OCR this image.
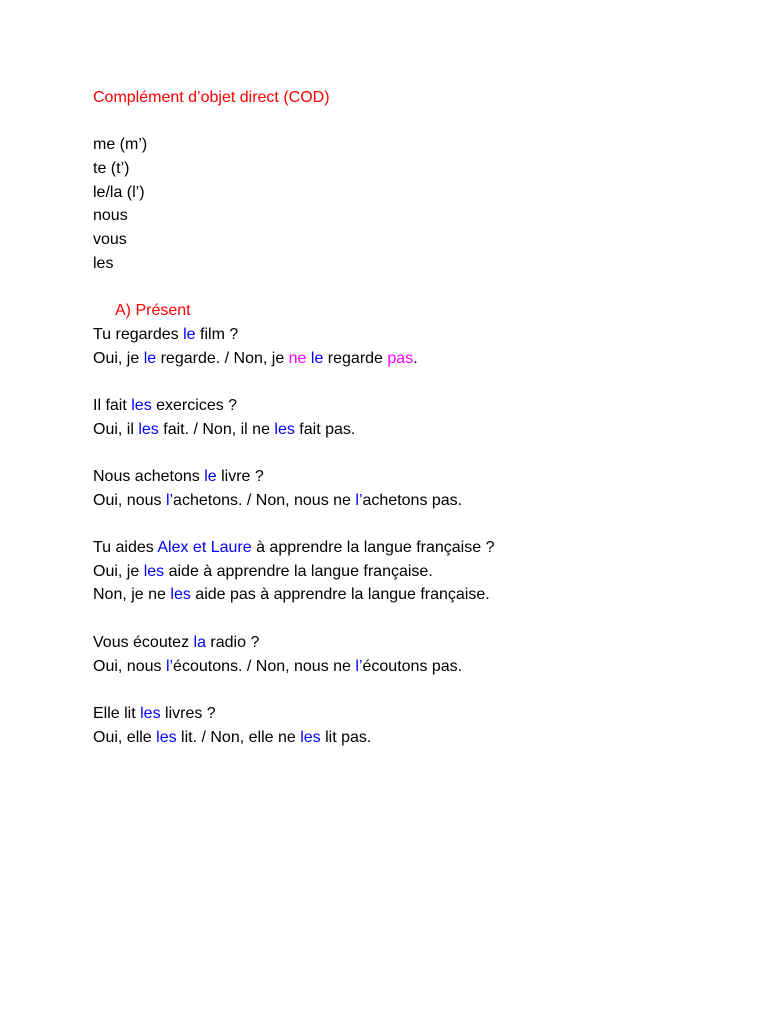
Complément d’objet direct (COD)
me (m’)
te (t’)
le/la (l’)
nous
vous
les
A) Présent
Tu regardes le film ?
Oui, je le regarde. / Non, je ne le regarde pas.
Il fait les exercices ?
Oui, il les fait. / Non, il ne les fait pas.
Nous achetons le livre ?
Oui, nous l’achetons. / Non, nous ne l’achetons pas.
Tu aides Alex et Laure à apprendre la langue française ?
Oui, je les aide à apprendre la langue française.
Non, je ne les aide pas à apprendre la langue française.
Vous écoutez la radio ?
Oui, nous l’écoutons. / Non, nous ne l’écoutons pas.
Elle lit les livres ?
Oui, elle les lit. / Non, elle ne les lit pas.
